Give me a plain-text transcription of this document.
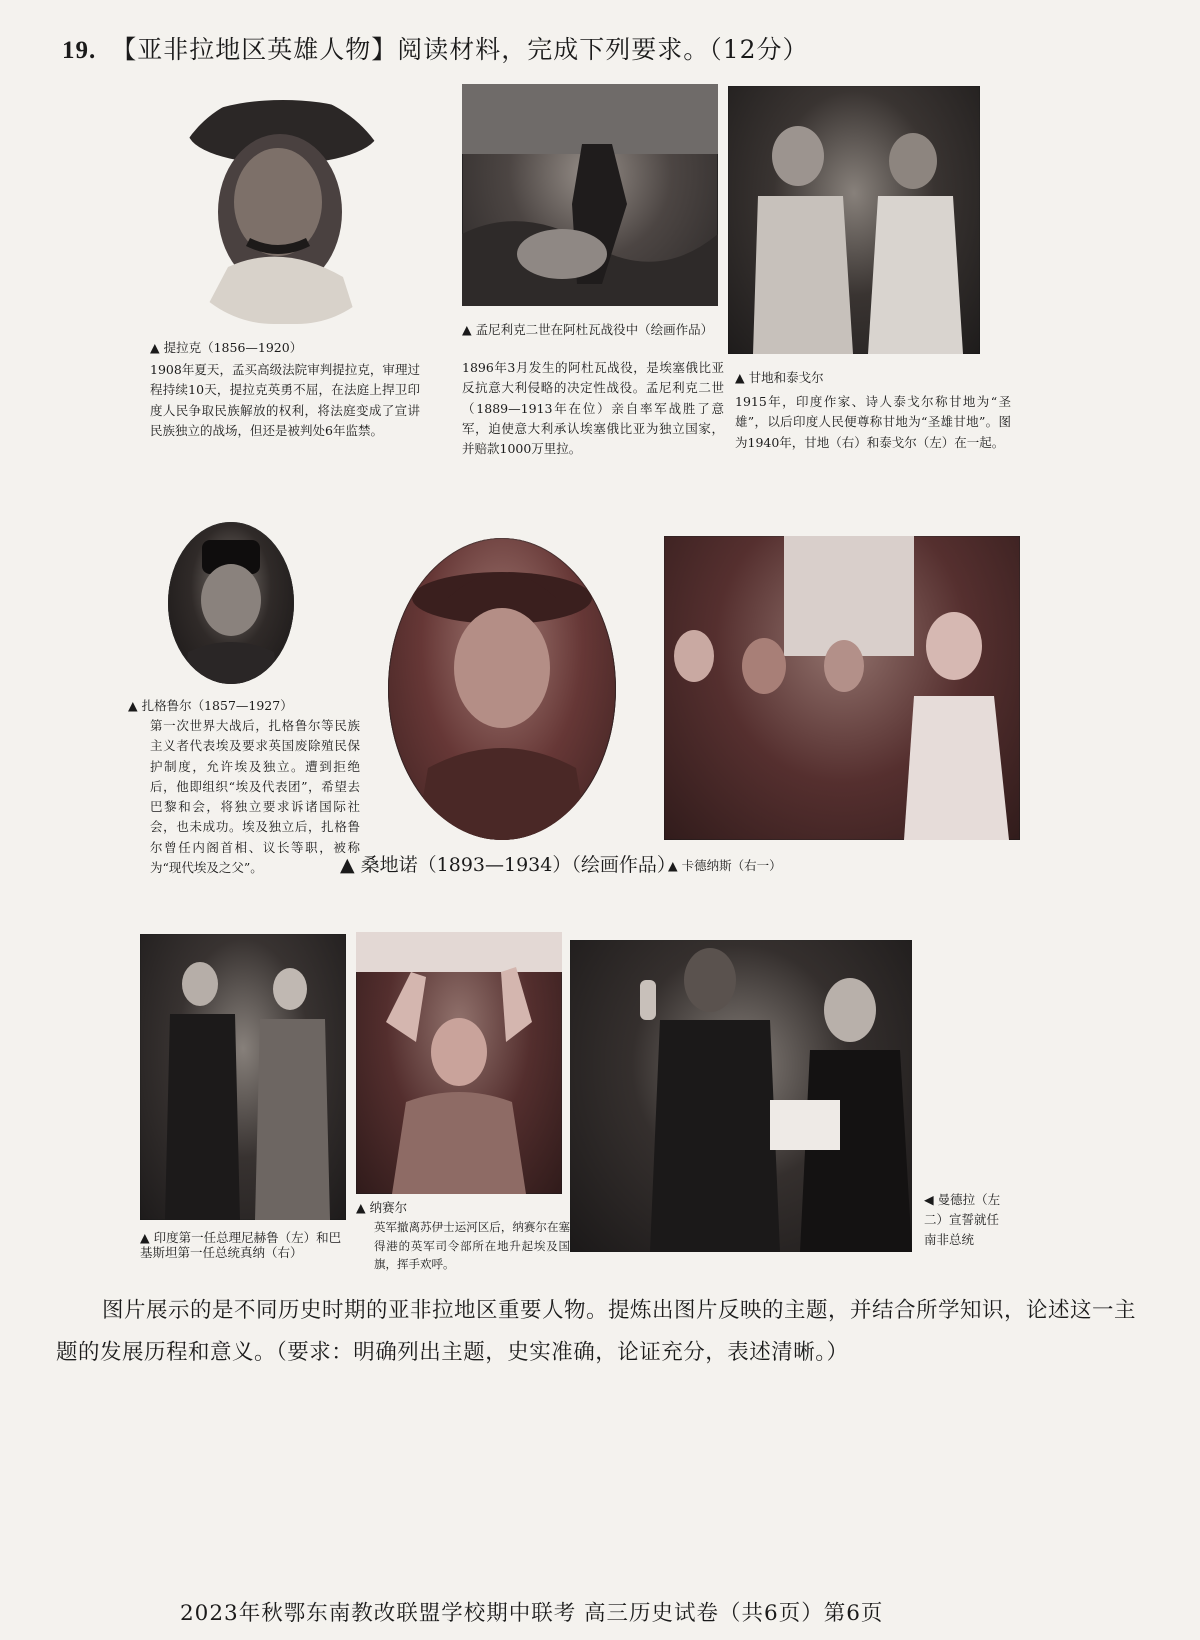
19. 【亚非拉地区英雄人物】阅读材料，完成下列要求。（12分）
▲ 提拉克（1856—1920）
1908年夏天，孟买高级法院审判提拉克，审理过程持续10天，提拉克英勇不屈，在法庭上捍卫印度人民争取民族解放的权利，将法庭变成了宣讲民族独立的战场，但还是被判处6年监禁。
▲ 孟尼利克二世在阿杜瓦战役中（绘画作品）
1896年3月发生的阿杜瓦战役，是埃塞俄比亚反抗意大利侵略的决定性战役。孟尼利克二世（1889—1913年在位）亲自率军战胜了意军，迫使意大利承认埃塞俄比亚为独立国家，并赔款1000万里拉。
▲ 甘地和泰戈尔
1915年，印度作家、诗人泰戈尔称甘地为“圣雄”，以后印度人民便尊称甘地为“圣雄甘地”。图为1940年，甘地（右）和泰戈尔（左）在一起。
▲ 扎格鲁尔（1857—1927）
第一次世界大战后，扎格鲁尔等民族主义者代表埃及要求英国废除殖民保护制度，允许埃及独立。遭到拒绝后，他即组织“埃及代表团”，希望去巴黎和会，将独立要求诉诸国际社会，也未成功。埃及独立后，扎格鲁尔曾任内阁首相、议长等职，被称为“现代埃及之父”。	▲ 桑地诺（1893—1934）（绘画作品）
▲ 卡德纳斯（右一）
▲ 印度第一任总理尼赫鲁（左）和巴基斯坦第一任总统真纳（右）
▲ 纳赛尔
英军撤离苏伊士运河区后，纳赛尔在塞得港的英军司令部所在地升起埃及国旗，挥手欢呼。
◀ 曼德拉（左二）宣誓就任南非总统
图片展示的是不同历史时期的亚非拉地区重要人物。提炼出图片反映的主题，并结合所学知识，论述这一主题的发展历程和意义。（要求：明确列出主题，史实准确，论证充分，表述清晰。）
2023年秋鄂东南教改联盟学校期中联考 高三历史试卷（共6页）第6页
